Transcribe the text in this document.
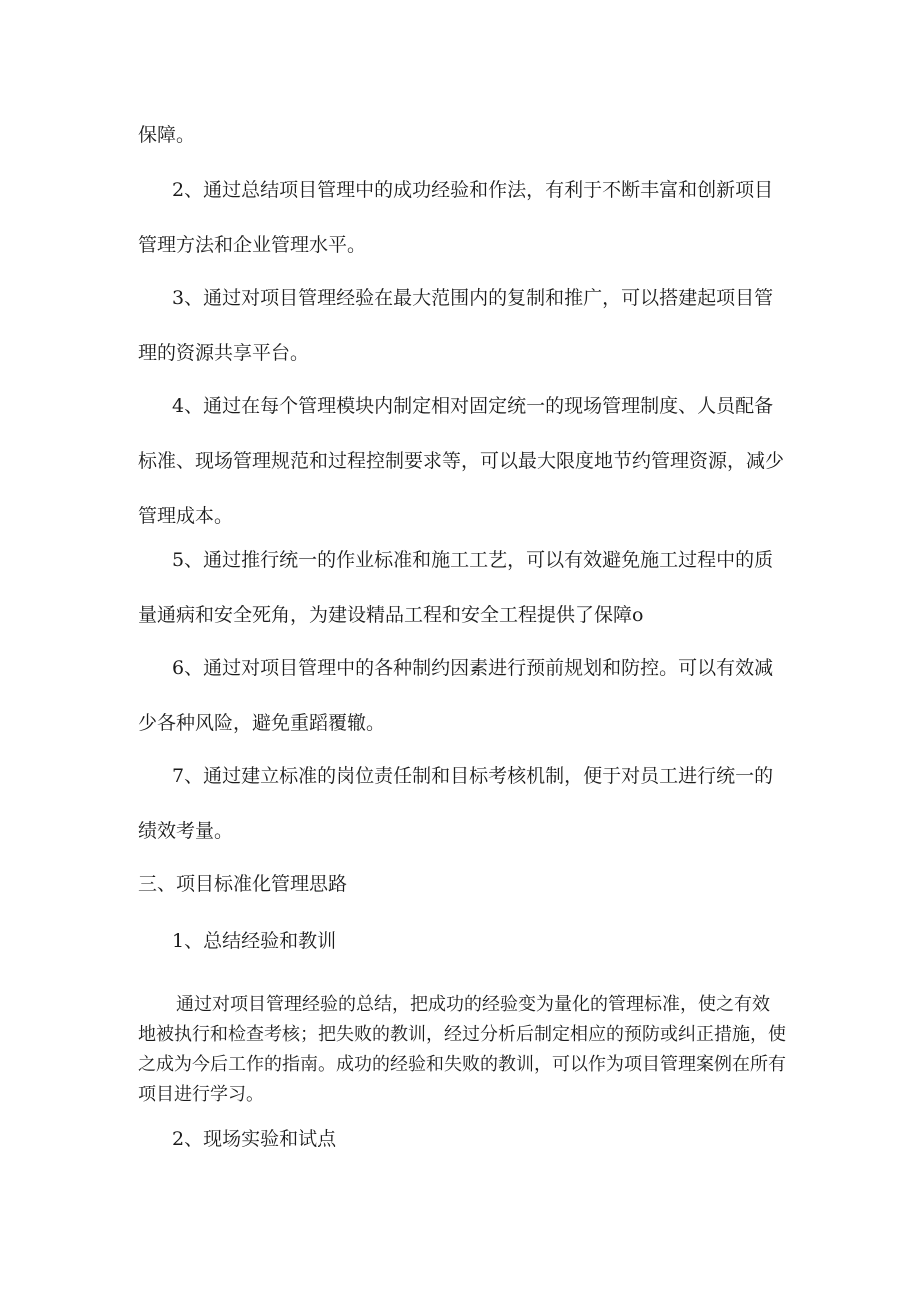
保障。

2、通过总结项目管理中的成功经验和作法，有利于不断丰富和创新项目管理方法和企业管理水平。

3、通过对项目管理经验在最大范围内的复制和推广，可以搭建起项目管理的资源共享平台。

4、通过在每个管理模块内制定相对固定统一的现场管理制度、人员配备标准、现场管理规范和过程控制要求等，可以最大限度地节约管理资源，减少管理成本。

5、通过推行统一的作业标准和施工工艺，可以有效避免施工过程中的质量通病和安全死角，为建设精品工程和安全工程提供了保障o

6、通过对项目管理中的各种制约因素进行预前规划和防控。可以有效减少各种风险，避免重蹈覆辙。

7、通过建立标准的岗位责任制和目标考核机制，便于对员工进行统一的绩效考量。

三、项目标准化管理思路

1、总结经验和教训

通过对项目管理经验的总结，把成功的经验变为量化的管理标准，使之有效地被执行和检查考核；把失败的教训，经过分析后制定相应的预防或纠正措施，使之成为今后工作的指南。成功的经验和失败的教训，可以作为项目管理案例在所有项目进行学习。

2、现场实验和试点
